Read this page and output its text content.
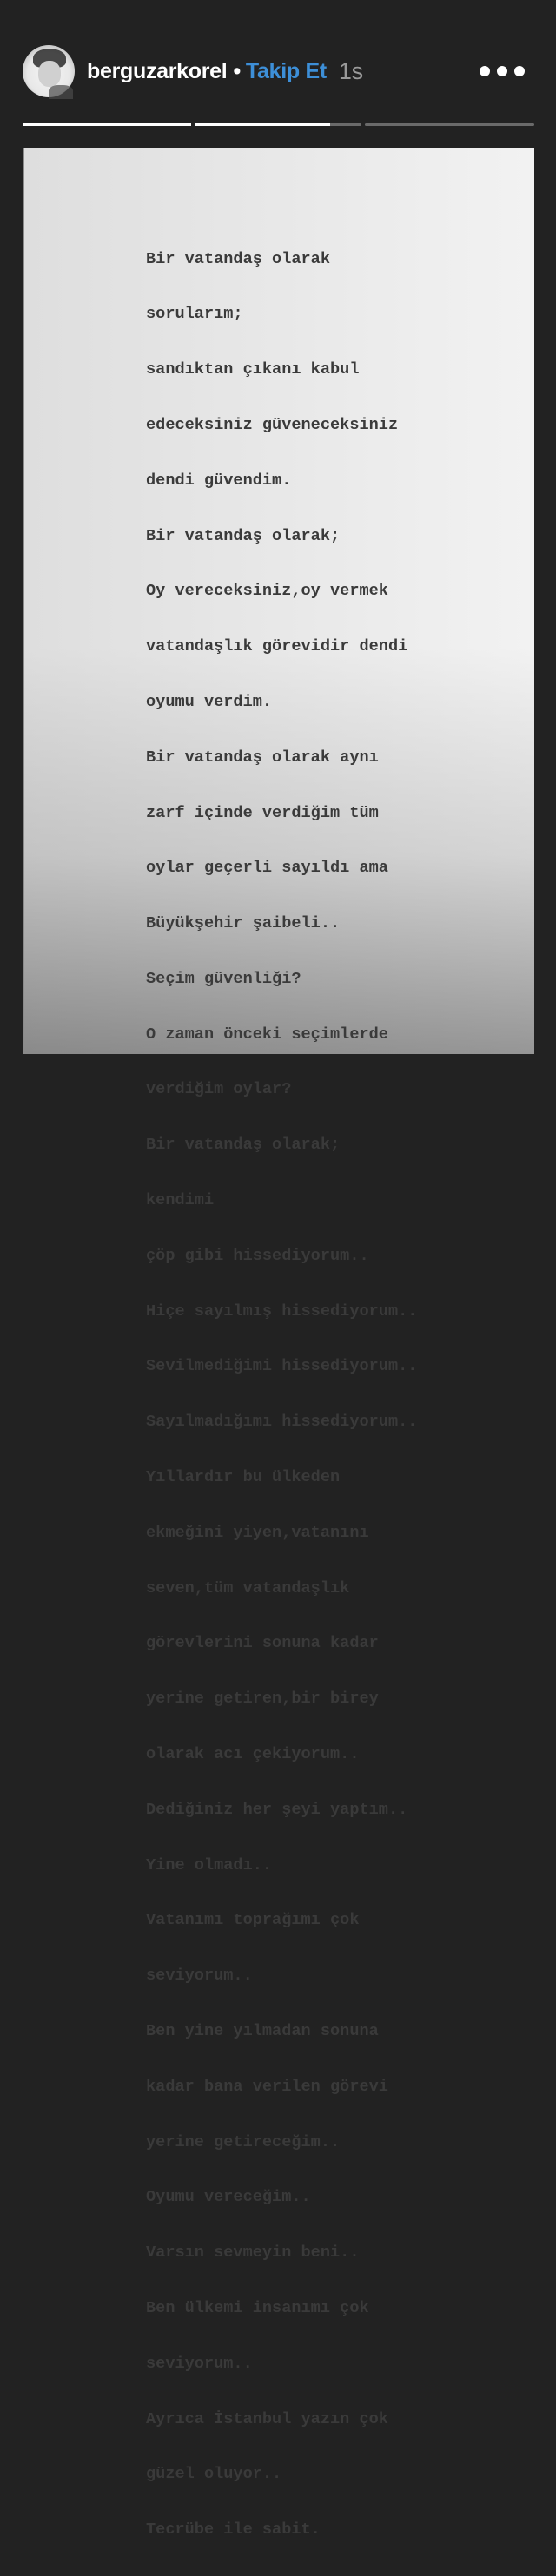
berguzarkorel • Takip Et 1s

Bir vatandaş olarak

sorularım;

sandıktan çıkanı kabul

edeceksiniz güveneceksiniz

dendi güvendim.

Bir vatandaş olarak;

Oy vereceksiniz,oy vermek

vatandaşlık görevidir dendi

oyumu verdim.

Bir vatandaş olarak aynı

zarf içinde verdiğim tüm

oylar geçerli sayıldı ama

Büyükşehir şaibeli..

Seçim güvenliği?

O zaman önceki seçimlerde

verdiğim oylar?

Bir vatandaş olarak;

kendimi

çöp gibi hissediyorum..

Hiçe sayılmış hissediyorum..

Sevilmediğimi hissediyorum..

Sayılmadığımı hissediyorum..

Yıllardır bu ülkeden

ekmeğini yiyen,vatanını

seven,tüm vatandaşlık

görevlerini sonuna kadar

yerine getiren,bir birey

olarak acı çekiyorum..

Dediğiniz her şeyi yaptım..

Yine olmadı..

Vatanımı toprağımı çok

seviyorum..

Ben yine yılmadan sonuna

kadar bana verilen görevi

yerine getireceğim..

Oyumu vereceğim..

Varsın sevmeyin beni..

Ben ülkemi insanımı çok

seviyorum..

Ayrıca İstanbul yazın çok

güzel oluyor..

Tecrübe ile sabit.
